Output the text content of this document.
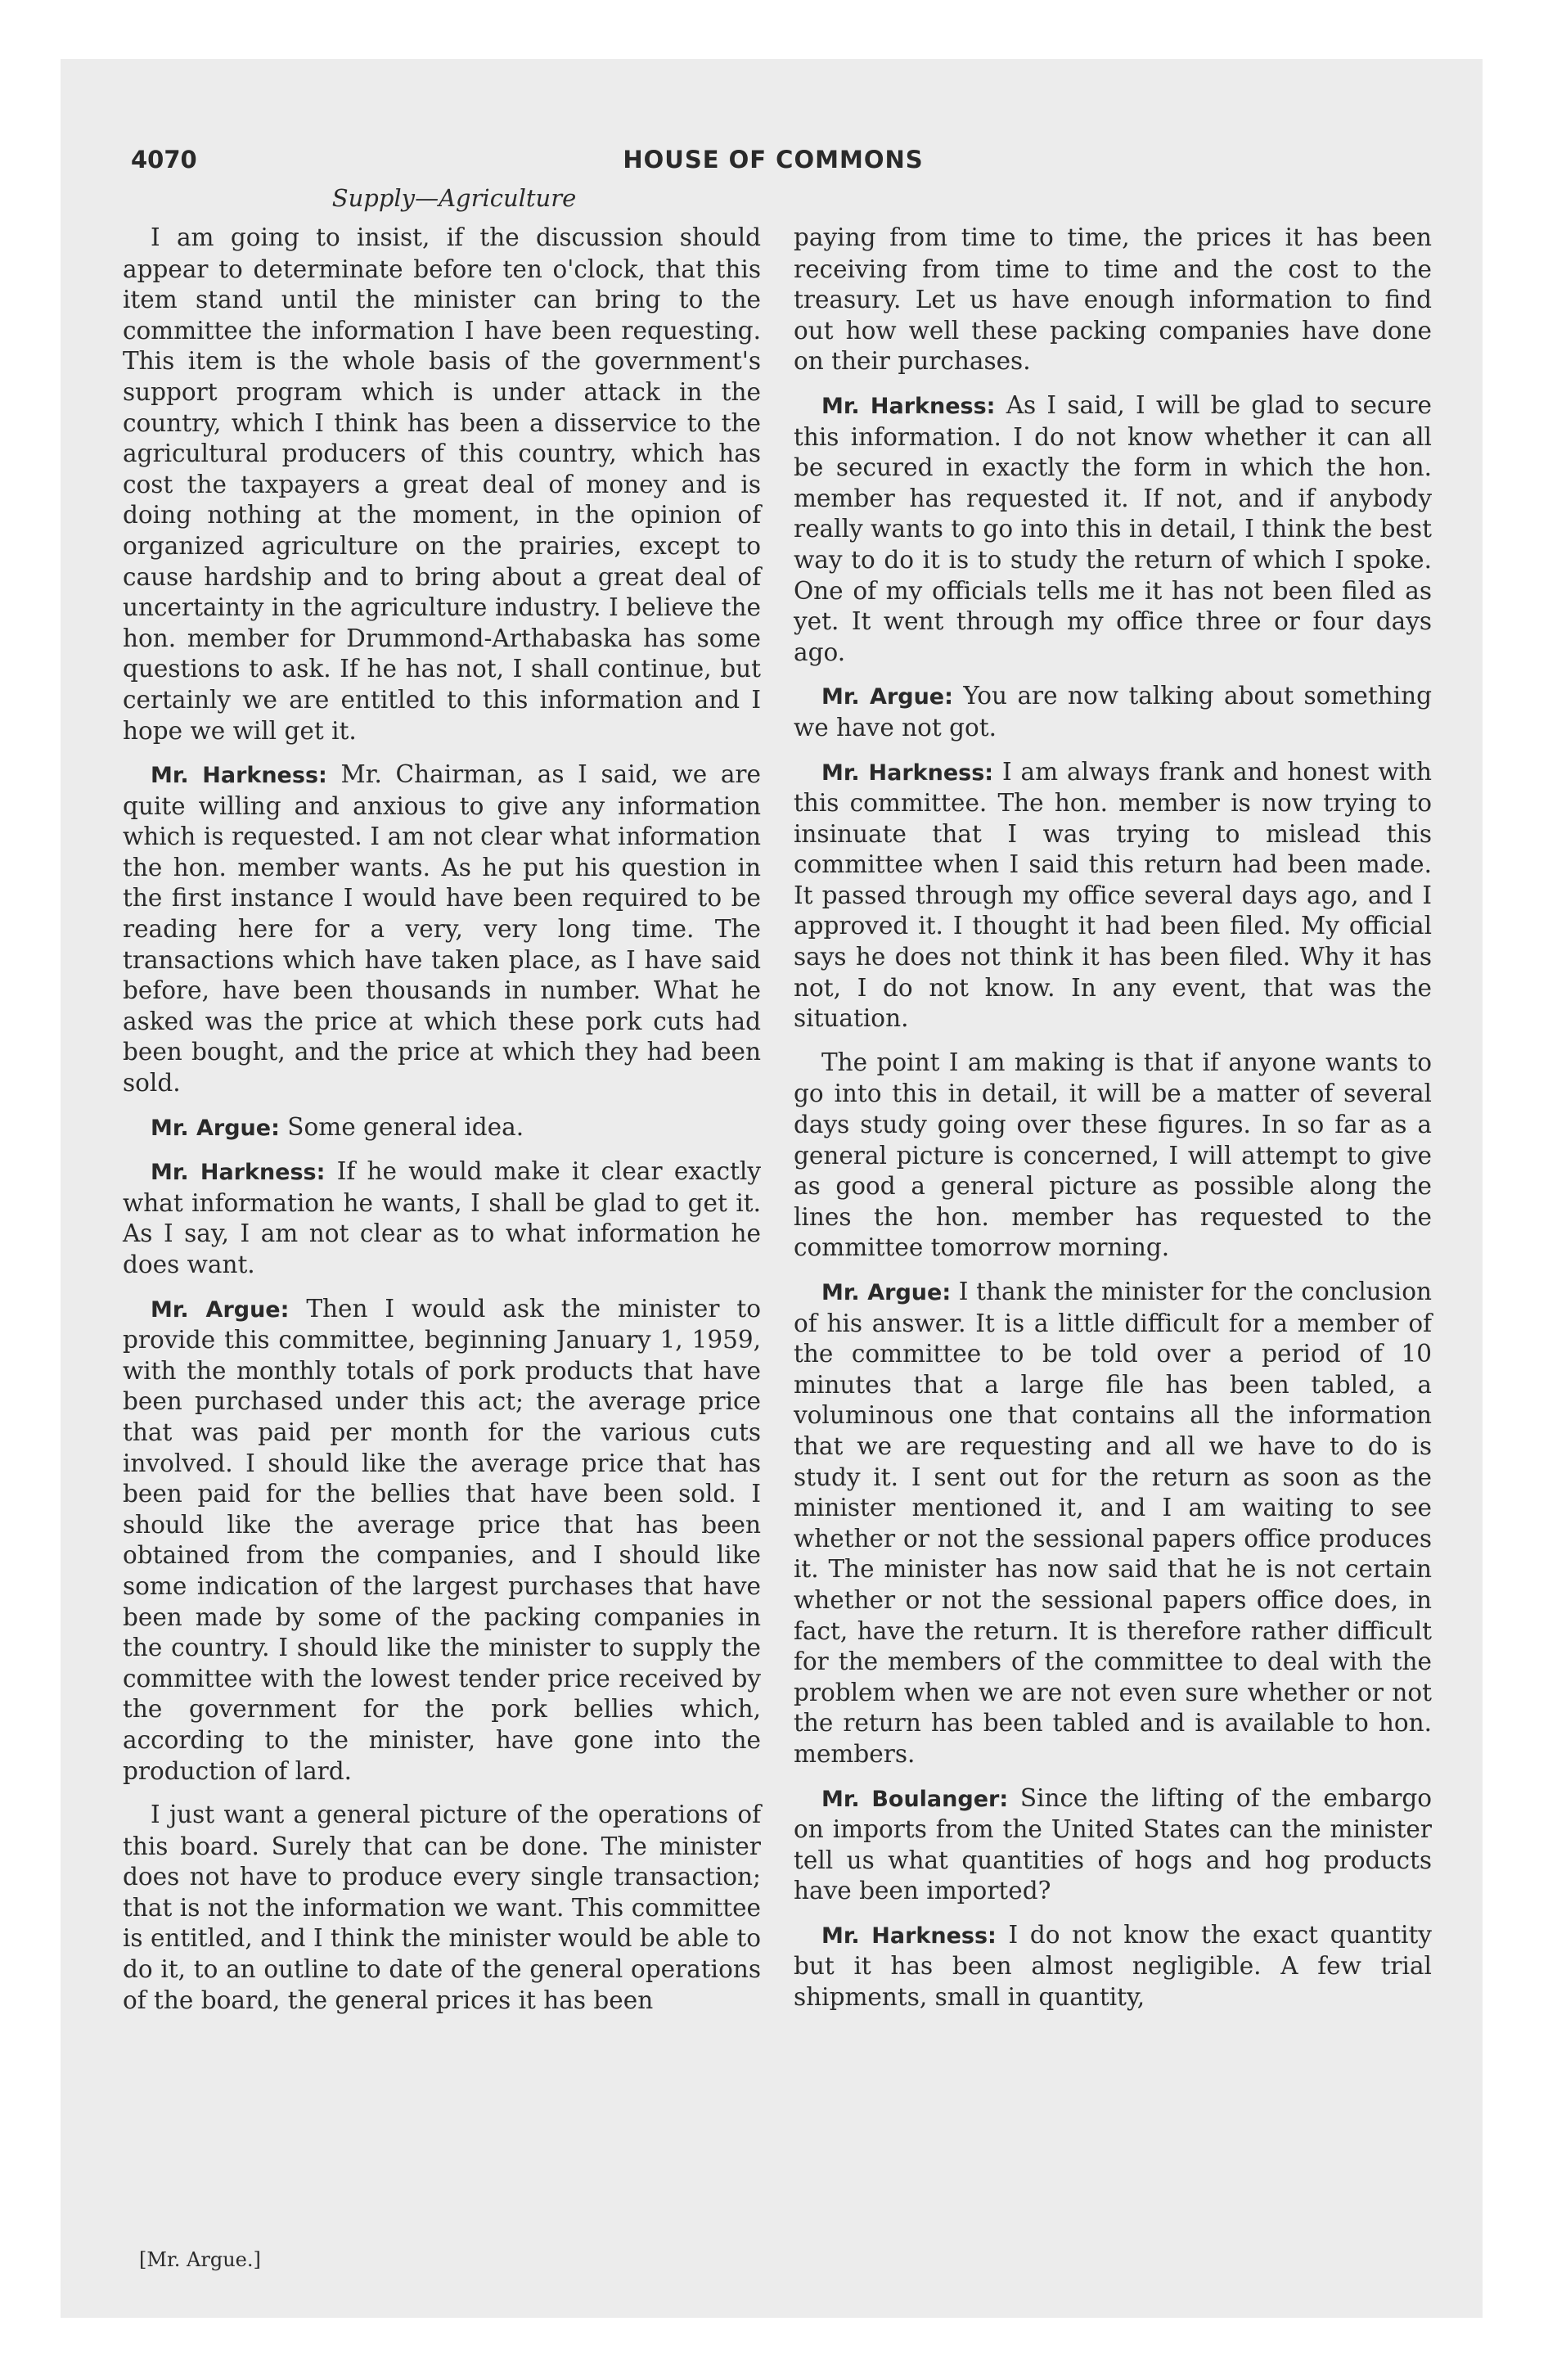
4070	HOUSE OF COMMONS
Supply—Agriculture

I am going to insist, if the discussion should appear to determinate before ten o'clock, that this item stand until the minister can bring to the committee the information I have been requesting. This item is the whole basis of the government's support program which is under attack in the country, which I think has been a disservice to the agricultural producers of this country, which has cost the taxpayers a great deal of money and is doing nothing at the moment, in the opinion of organized agriculture on the prairies, except to cause hardship and to bring about a great deal of uncertainty in the agriculture industry. I believe the hon. member for Drummond-Arthabaska has some questions to ask. If he has not, I shall continue, but certainly we are entitled to this information and I hope we will get it.

Mr. Harkness: Mr. Chairman, as I said, we are quite willing and anxious to give any information which is requested. I am not clear what information the hon. member wants. As he put his question in the first instance I would have been required to be reading here for a very, very long time. The transactions which have taken place, as I have said before, have been thousands in number. What he asked was the price at which these pork cuts had been bought, and the price at which they had been sold.

Mr. Argue: Some general idea.

Mr. Harkness: If he would make it clear exactly what information he wants, I shall be glad to get it. As I say, I am not clear as to what information he does want.

Mr. Argue: Then I would ask the minister to provide this committee, beginning January 1, 1959, with the monthly totals of pork products that have been purchased under this act; the average price that was paid per month for the various cuts involved. I should like the average price that has been paid for the bellies that have been sold. I should like the average price that has been obtained from the companies, and I should like some indication of the largest purchases that have been made by some of the packing companies in the country. I should like the minister to supply the committee with the lowest tender price received by the government for the pork bellies which, according to the minister, have gone into the production of lard.

I just want a general picture of the operations of this board. Surely that can be done. The minister does not have to produce every single transaction; that is not the information we want. This committee is entitled, and I think the minister would be able to do it, to an outline to date of the general operations of the board, the general prices it has been

paying from time to time, the prices it has been receiving from time to time and the cost to the treasury. Let us have enough information to find out how well these packing companies have done on their purchases.

Mr. Harkness: As I said, I will be glad to secure this information. I do not know whether it can all be secured in exactly the form in which the hon. member has requested it. If not, and if anybody really wants to go into this in detail, I think the best way to do it is to study the return of which I spoke. One of my officials tells me it has not been filed as yet. It went through my office three or four days ago.

Mr. Argue: You are now talking about something we have not got.

Mr. Harkness: I am always frank and honest with this committee. The hon. member is now trying to insinuate that I was trying to mislead this committee when I said this return had been made. It passed through my office several days ago, and I approved it. I thought it had been filed. My official says he does not think it has been filed. Why it has not, I do not know. In any event, that was the situation.

The point I am making is that if anyone wants to go into this in detail, it will be a matter of several days study going over these figures. In so far as a general picture is concerned, I will attempt to give as good a general picture as possible along the lines the hon. member has requested to the committee tomorrow morning.

Mr. Argue: I thank the minister for the conclusion of his answer. It is a little difficult for a member of the committee to be told over a period of 10 minutes that a large file has been tabled, a voluminous one that contains all the information that we are requesting and all we have to do is study it. I sent out for the return as soon as the minister mentioned it, and I am waiting to see whether or not the sessional papers office produces it. The minister has now said that he is not certain whether or not the sessional papers office does, in fact, have the return. It is therefore rather difficult for the members of the committee to deal with the problem when we are not even sure whether or not the return has been tabled and is available to hon. members.

Mr. Boulanger: Since the lifting of the embargo on imports from the United States can the minister tell us what quantities of hogs and hog products have been imported?

Mr. Harkness: I do not know the exact quantity but it has been almost negligible. A few trial shipments, small in quantity,

[Mr. Argue.]
